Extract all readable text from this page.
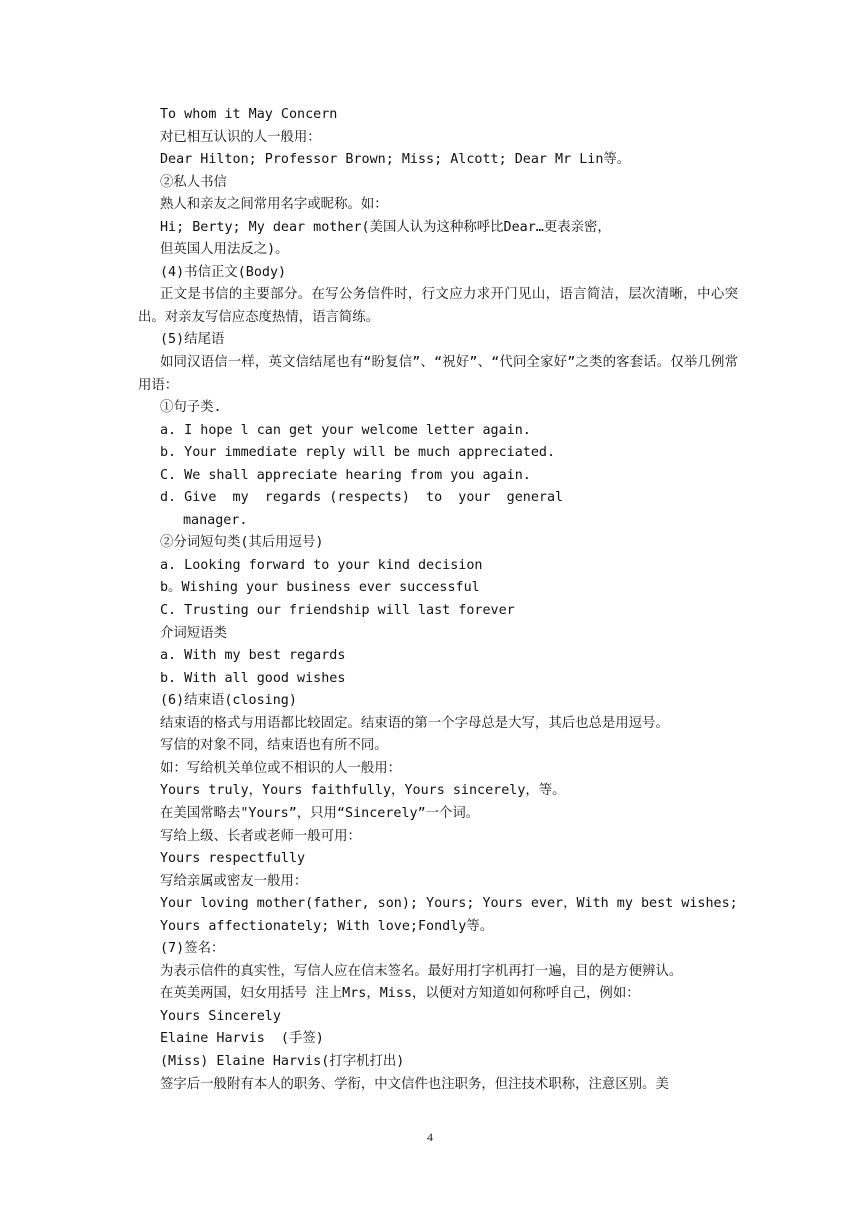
To whom it May Concern
对已相互认识的人一般用：
Dear Hilton; Professor Brown; Miss; Alcott; Dear Mr Lin等。
②私人书信
熟人和亲友之间常用名字或昵称。如：
Hi; Berty; My dear mother(美国人认为这种称呼比Dear…更表亲密，
但英国人用法反之)。
(4)书信正文(Body)
正文是书信的主要部分。在写公务信件时，行文应力求开门见山，语言简洁，层次清晰，中心突出。对亲友写信应态度热情，语言简练。
(5)结尾语
如同汉语信一样，英文信结尾也有“盼复信”、“祝好”、“代问全家好”之类的客套话。仅举几例常用语：
①句子类.
a. I hope l can get your welcome letter again.
b. Your immediate reply will be much appreciated.
C. We shall appreciate hearing from you again.
d. Give  my  regards (respects)  to  your  general
manager.
②分词短句类(其后用逗号)
a. Looking forward to your kind decision
b。Wishing your business ever successful
C. Trusting our friendship will last forever
介词短语类
a. With my best regards
b. With all good wishes
(6)结束语(closing)
结束语的格式与用语都比较固定。结束语的第一个字母总是大写，其后也总是用逗号。
写信的对象不同，结束语也有所不同。
如：写给机关单位或不相识的人一般用：
Yours truly，Yours faithfully，Yours sincerely，等。
在美国常略去"Yours”，只用“Sincerely”一个词。
写给上级、长者或老师一般可用：
Yours respectfully
写给亲属或密友一般用：
Your loving mother(father, son); Yours; Yours ever，With my best wishes;
Yours affectionately; With love;Fondly等。
(7)签名：
为表示信件的真实性，写信人应在信末签名。最好用打字机再打一遍，目的是方便辨认。
在英美两国，妇女用括号 注上Mrs，Miss，以便对方知道如何称呼自己，例如：
Yours Sincerely
Elaine Harvis  (手签)
(Miss) Elaine Harvis(打字机打出)
签字后一般附有本人的职务、学衔，中文信件也注职务，但注技术职称，注意区别。美
4
